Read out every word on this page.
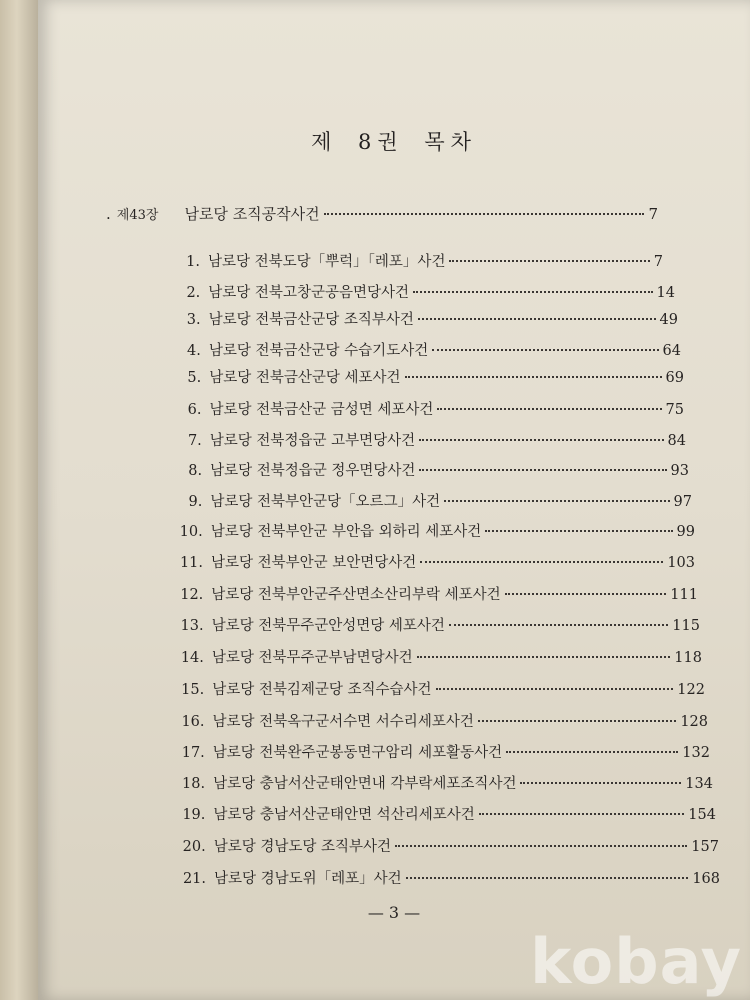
제 8권 목차
. 제43장 남로당 조직공작사건	7
1. 남로당 전북도당「뿌럭」「레포」사건	7
2. 남로당 전북고창군공음면당사건	14
3. 남로당 전북금산군당 조직부사건	49
4. 남로당 전북금산군당 수습기도사건	64
5. 남로당 전북금산군당 세포사건	69
6. 남로당 전북금산군 금성면 세포사건	75
7. 남로당 전북정읍군 고부면당사건	84
8. 남로당 전북정읍군 정우면당사건	93
9. 남로당 전북부안군당「오르그」사건	97
10. 남로당 전북부안군 부안읍 외하리 세포사건	99
11. 남로당 전북부안군 보안면당사건	103
12. 남로당 전북부안군주산면소산리부락 세포사건	111
13. 남로당 전북무주군안성면당 세포사건	115
14. 남로당 전북무주군부남면당사건	118
15. 남로당 전북김제군당 조직수습사건	122
16. 남로당 전북옥구군서수면 서수리세포사건	128
17. 남로당 전북완주군봉동면구암리 세포활동사건	132
18. 남로당 충남서산군태안면내 각부락세포조직사건	134
19. 남로당 충남서산군태안면 석산리세포사건	154
20. 남로당 경남도당 조직부사건	157
21. 남로당 경남도위「레포」사건	168
— 3 —
kobay
